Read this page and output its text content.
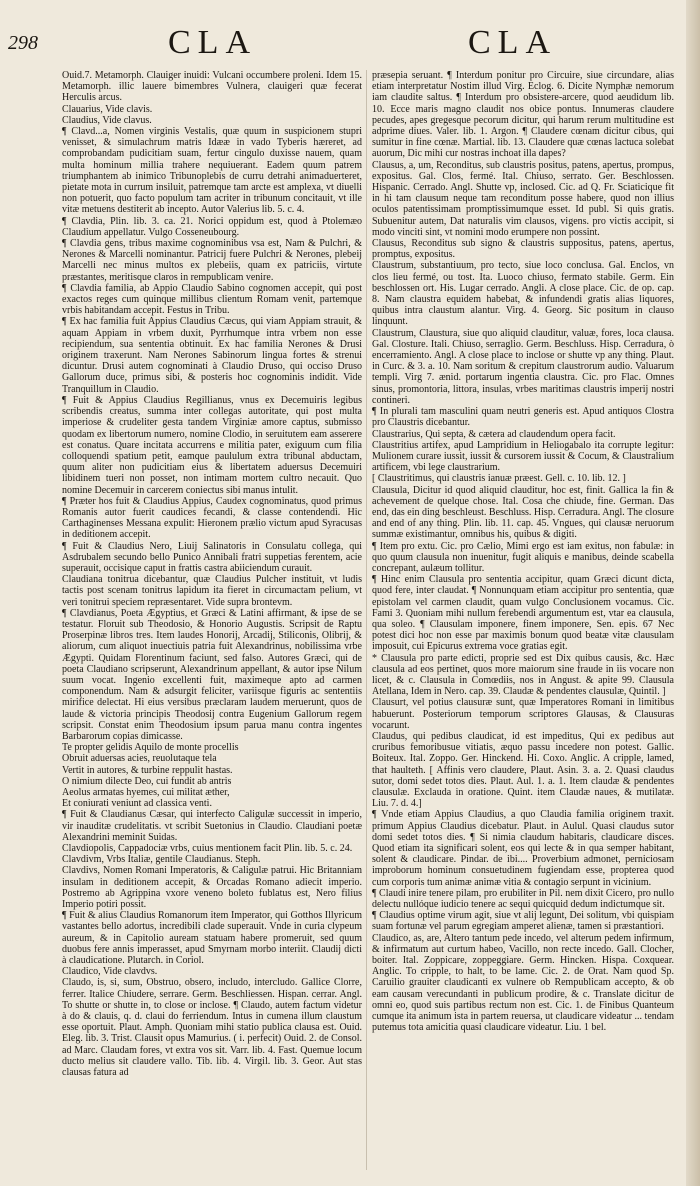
298	CLA	CLA

Ouid.7. Metamorph. Clauiger inuidi: Vulcani occumbere proleni. Idem 15. Metamorph. illic lauere bimembres Vulnera, clauigeri quæ fecerat Herculis arcus.

Clauarius, Vide clavis.

Claudius, Vide clavus.

¶ Clavd...a, Nomen virginis Vestalis, quæ quum in suspicionem stupri venisset, & simulachrum matris Idææ in vado Tyberis hæreret, ad comprobandam pudicitiam suam, fertur cingulo duxisse nauem, quam multa hominum millia trahere nequiuerant. Eadem quum patrem triumphantem ab inimico Tribunoplebis de curru detrahi animaduerteret, pietate mota in currum insiluit, patremque tam arcte est amplexa, vt diuelli non potuerit, quo facto populum tam acriter in tribunum concitauit, vt ille vitæ metuens destiterit ab incepto. Autor Valerius lib. 5. c. 4.

¶ Clavdia, Plin. lib. 3. ca. 21. Norici oppidum est, quod à Ptolemæo Claudium appellatur. Vulgo Cosseneubourg.

¶ Clavdia gens, tribus maxime cognominibus vsa est, Nam & Pulchri, & Nerones & Marcelli nominantur. Patricij fuere Pulchri & Nerones, plebeij Marcelli nec minus multos ex plebeiis, quam ex patriciis, virtute præstantes, meritisque claros in rempublicam venire.

¶ Clavdia familia, ab Appio Claudio Sabino cognomen accepit, qui post exactos reges cum quinque millibus clientum Romam venit, partemque vrbis habitandam accepit. Festus in Tribu.

¶ Ex hac familia fuit Appius Claudius Cæcus, qui viam Appiam strauit, & aquam Appiam in vrbem duxit, Pyrrhumque intra vrbem non esse recipiendum, sua sententia obtinuit. Ex hac familia Nerones & Drusi originem traxerunt. Nam Nerones Sabinorum lingua fortes & strenui dicuntur. Drusi autem cognominati à Claudio Druso, qui occiso Druso Gallorum duce, primus sibi, & posteris hoc cognominis indidit. Vide Tranquillum in Claudio.

¶ Fuit & Appius Claudius Regillianus, vnus ex Decemuiris legibus scribendis creatus, summa inter collegas autoritate, qui post multa imperiose & crudeliter gesta tandem Virginiæ amore captus, submisso quodam ex libertorum numero, nomine Clodio, in seruitutem eam asserere est conatus. Quare incitata accurrens e militia pater, exiguum cum filia colloquendi spatium petit, eamque paululum extra tribunal abductam, quum aliter non pudicitiam eius & libertatem aduersus Decemuiri libidinem tueri non posset, non intimam mortem cultro necauit. Quo nomine Decemuir in carcerem coniectus sibi manus intulit.

¶ Præter hos fuit & Claudius Appius, Caudex cognominatus, quod primus Romanis autor fuerit caudices fecandi, & classe contendendi. Hic Carthaginenses Messana expulit: Hieronem prælio victum apud Syracusas in deditionem accepit.

¶ Fuit & Claudius Nero, Liuij Salinatoris in Consulatu collega, qui Asdrubalem secundo bello Punico Annibali fratri suppetias ferentem, acie superauit, occisique caput in frattis castra abiiciendum curauit.

Claudiana tonitrua dicebantur, quæ Claudius Pulcher instituit, vt ludis tactis post scenam tonitrus lapidum ita fieret in circumactam pelium, vt veri tonitrui speciem repræsentaret. Vide supra brontevm.

¶ Clavdianus, Poeta Ægyptius, et Græci & Latini affirmant, & ipse de se testatur. Floruit sub Theodosio, & Honorio Augustis. Scripsit de Raptu Proserpinæ libros tres. Item laudes Honorij, Arcadij, Stiliconis, Olibrij, & aliorum, cum aliquot inuectiuis patria fuit Alexandrinus, nobilissima vrbe Ægypti. Quidam Florentinum faciunt, sed falso. Autores Græci, qui de poeta Claudiano scripserunt, Alexandrinum appellant, & autor ipse Nilum suum vocat. Ingenio excellenti fuit, maximeque apto ad carmen componendum. Nam & adsurgit feliciter, variisque figuris ac sententiis mirifice delectat. Hi eius versibus præclaram laudem meruerunt, quos de laude & victoria principis Theodosij contra Eugenium Gallorum regem scripsit. Constat enim Theodosium ipsum parua manu contra ingentes Barbarorum copias dimicasse.

Te propter gelidis Aquilo de monte procellis

Obruit aduersas acies, reuolutaque tela

Vertit in autores, & turbine reppulit hastas.

O nimium dilecte Deo, cui fundit ab antris

Aeolus armatas hyemes, cui militat æther,

Et coniurati veniunt ad classica venti.

¶ Fuit & Claudianus Cæsar, qui interfecto Caligulæ successit in imperio, vir inauditæ crudelitatis. vt scribit Suetonius in Claudio. Claudiani poetæ Alexandrini meminit Suidas.

Clavdiopolis, Cappadociæ vrbs, cuius mentionem facit Plin. lib. 5. c. 24.

Clavdivm, Vrbs Italiæ, gentile Claudianus. Steph.

Clavdivs, Nomen Romani Imperatoris, & Caligulæ patrui. Hic Britanniam insulam in deditionem accepit, & Orcadas Romano adiecit imperio. Postremo ab Agrippina vxore veneno boleto fublatus est, Nero filius Imperio potiri possit.

¶ Fuit & alius Claudius Romanorum item Imperator, qui Gotthos Illyricum vastantes bello adortus, incredibili clade superauit. Vnde in curia clypeum aureum, & in Capitolio auream statuam habere promeruit, sed quum duobus fere annis imperasset, apud Smyrnam morbo interiit. Claudij dicti à claudicatione. Plutarch. in Coriol.

Claudico, Vide clavdvs.

Claudo, is, si, sum, Obstruo, obsero, includo, intercludo. Gallice Clorre, ferrer. Italice Chiudere, serrare. Germ. Beschliessen. Hispan. cerrar. Angl. To shutte or shutte in, to close or inclose. ¶ Claudo, autem factum videtur à do & clauis, q. d. claui do ferriendum. Intus in cumena illum claustum esse oportuit. Plaut. Amph. Quoniam mihi statio publica clausa est. Ouid. Eleg. lib. 3. Trist. Clausit opus Mamurius. ( i. perfecit) Ouid. 2. de Consol. ad Marc. Claudam fores, vt extra vos sit. Varr. lib. 4. Fast. Quemue locum ducto melius sit claudere vallo. Tib. lib. 4. Virgil. lib. 3. Geor. Aut stas clausas fatura ad

præsepia seruant. ¶ Interdum ponitur pro Circuire, siue circundare, alias etiam interpretatur Nostim illud Virg. Eclog. 6. Dicite Nymphæ nemorum iam claudite saltus. ¶ Interdum pro obsistere-arcere, quod aeudidum lib. 10. Ecce maris magno claudit nos obice pontus. Innumeras claudere pecudes, apes gregesque pecorum dicitur, qui harum rerum multitudine est adprime diues. Valer. lib. 1. Argon. ¶ Claudere cœnam dicitur cibus, qui sumitur in fine cœnæ. Martial. lib. 13. Claudere quæ cœnas lactuca solebat auorum, Dic mihi cur nostras inchoat illa dapes?

Clausus, a, um, Reconditus, sub claustris positus, patens, apertus, prompus, expositus. Gal. Clos, fermé. Ital. Chiuso, serrato. Ger. Beschlossen. Hispanic. Cerrado. Angl. Shutte vp, inclosed. Cic. ad Q. Fr. Sciaticique fit in hi tam clausum neque tam reconditum posse habere, quod non illius oculos patentissimam promptissimumque esset. Id publ. Si quis gratis. Subuenitur autem, Dat naturalis vim clausos, vigens. pro victis accipit, si modo vinciti sint, vt nomini modo erumpere non possint.

Clausus, Reconditus sub signo & claustris suppositus, patens, apertus, promptus, expositus.

Claustrum, substantiuum, pro tecto, siue loco conclusa. Gal. Enclos, vn clos lieu fermé, ou tost. Ita. Luoco chiuso, fermato stabile. Germ. Ein beschlossen ort. His. Lugar cerrado. Angli. A close place. Cic. de op. cap. 8. Nam claustra equidem habebat, & infundendi gratis alias liquores, quibus intra claustum alantur. Virg. 4. Georg. Sic positum in clauso linquunt.

Claustrum, Claustura, siue quo aliquid clauditur, valuæ, fores, loca clausa. Gal. Closture. Itali. Chiuso, serraglio. Germ. Beschluss. Hisp. Cerradura, ò encerramiento. Angl. A close place to inclose or shutte vp any thing. Plaut. in Curc. & 3. a. 10. Nam soritum & crepitum claustrorum audio. Valuarum templi. Virg 7. ænid. portarum ingentia claustra. Cic. pro Flac. Omnes sinus, promontoria, littora, insulas, vrbes maritimas claustris imperij nostri contineri.

¶ In plurali tam masculini quam neutri generis est. Apud antiquos Clostra pro Claustris dicebantur.

Claustrarius, Qui septa, & cætera ad claudendum opera facit.

Claustritius artifex, apud Lampridium in Heliogabalo ita corrupte legitur: Mulionem curare iussit, iussit & cursorem iussit & Cocum, & Claustralium artificem, vbi lege claustrarium.

[ Claustritimus, qui claustris ianuæ præest. Gell. c. 10. lib. 12. ]

Clausula, Dicitur id quod aliquid clauditur, hoc est, finit. Gallica la fin & achevement de quelque chose. Ital. Cosa che chiude, fine. German. Das end, das ein ding beschleust. Beschluss. Hisp. Cerradura. Angl. The closure and end of any thing. Plin. lib. 11. cap. 45. Vngues, qui clausæ neruorum summæ existimantur, omnibus his, quibus & digiti.

¶ Item pro extu. Cic. pro Cælio, Mimi ergo est iam exitus, non fabulæ: in quo quum clausula non inuenitur, fugit aliquis e manibus, deinde scabella concrepant, aulæum tollitur.

¶ Hinc enim Clausula pro sententia accipitur, quam Græci dicunt dicta, quod fere, inter claudat. ¶ Nonnunquam etiam accipitur pro sententia, quæ epistolam vel carmen claudit, quam vulgo Conclusionem vocamus. Cic. Fami 3. Quoniam mihi nullum ferebendi argumentum est, vtar ea clausula, qua soleo. ¶ Clausulam imponere, finem imponere, Sen. epis. 67 Nec potest dici hoc non esse par maximis bonum quod beatæ vitæ clausulam imposuit, cui Epicurus extrema voce gratias egit.

* Clausula pro parte edicti, proprie sed est Dix quibus causis, &c. Hæc clausula ad eos pertinet, quos more maiorum sine fraude in iis vocare non licet, & c. Clausula in Comœdiis, nos in Angust. & apite 99. Clausula Atellana, Idem in Nero. cap. 39. Claudæ & pendentes clausulæ, Quintil. ]

Clausurt, vel potius clausuræ sunt, quæ Imperatores Romani in limitibus habuerunt. Posteriorum temporum scriptores Glausas, & Clausuras vocarunt.

Claudus, qui pedibus claudicat, id est impeditus, Qui ex pedibus aut cruribus femoribusue vitiatis, æquo passu incedere non potest. Gallic. Boiteux. Ital. Zoppo. Ger. Hinckend. Hi. Coxo. Anglic. A cripple, lamed, that haulteth. [ Affinis vero claudere, Plaut. Asin. 3. a. 2. Quasi claudus sutor, domi sedet totos dies. Plaut. Aul. 1. a. 1. Item claudæ & pendentes clausulæ. Exclauda in oratione. Quint. item Claudæ naues, & mutilatæ. Liu. 7. d. 4.]

¶ Vnde etiam Appius Claudius, a quo Claudia familia originem traxit. primum Appius Claudius dicebatur. Plaut. in Aulul. Quasi claudus sutor domi sedet totos dies. ¶ Si nimia claudum habitaris, claudicare disces. Quod etiam ita significari solent, eos qui lecte & in qua semper habitant, solent & claudicare. Pindar. de ibi.... Proverbium admonet, perniciosam improborum hominum consuetudinem fugiendam esse, propterea quod cum corporis tum animæ animæ vitia & contagio serpunt in vicinium.

¶ Claudi inire tenere pilam, pro erubiliter in Pil. nem dixit Cicero, pro nullo delectu nullóque iudicio tenere ac sequi quicquid dedum indictumque sit.

¶ Claudius optime virum agit, siue vt alij legunt, Dei solitum, vbi quispiam suam fortunæ vel parum egregiam amperet alienæ, tamen si præstantiori.

Claudico, as, are, Altero tantum pede incedo, vel alterum pedem infirmum, & infirmatum aut curtum habeo, Vacillo, non recte incedo. Gall. Clocher, boiter. Ital. Zoppicare, zoppeggiare. Germ. Hincken. Hispa. Coxquear. Anglic. To cripple, to halt, to be lame. Cic. 2. de Orat. Nam quod Sp. Caruilio grauiter claudicanti ex vulnere ob Rempublicam accepto, & ob eam causam verecundanti in publicum prodire, & c. Translate dicitur de omni eo, quod suis partibus rectum non est. Cic. 1. de Finibus Quanteum cumque ita animum ista in partem reuersa, ut claudicare videatur ... tendam putemus tota amicitia quasi claudicare videatur. Liu. 1 bel.
